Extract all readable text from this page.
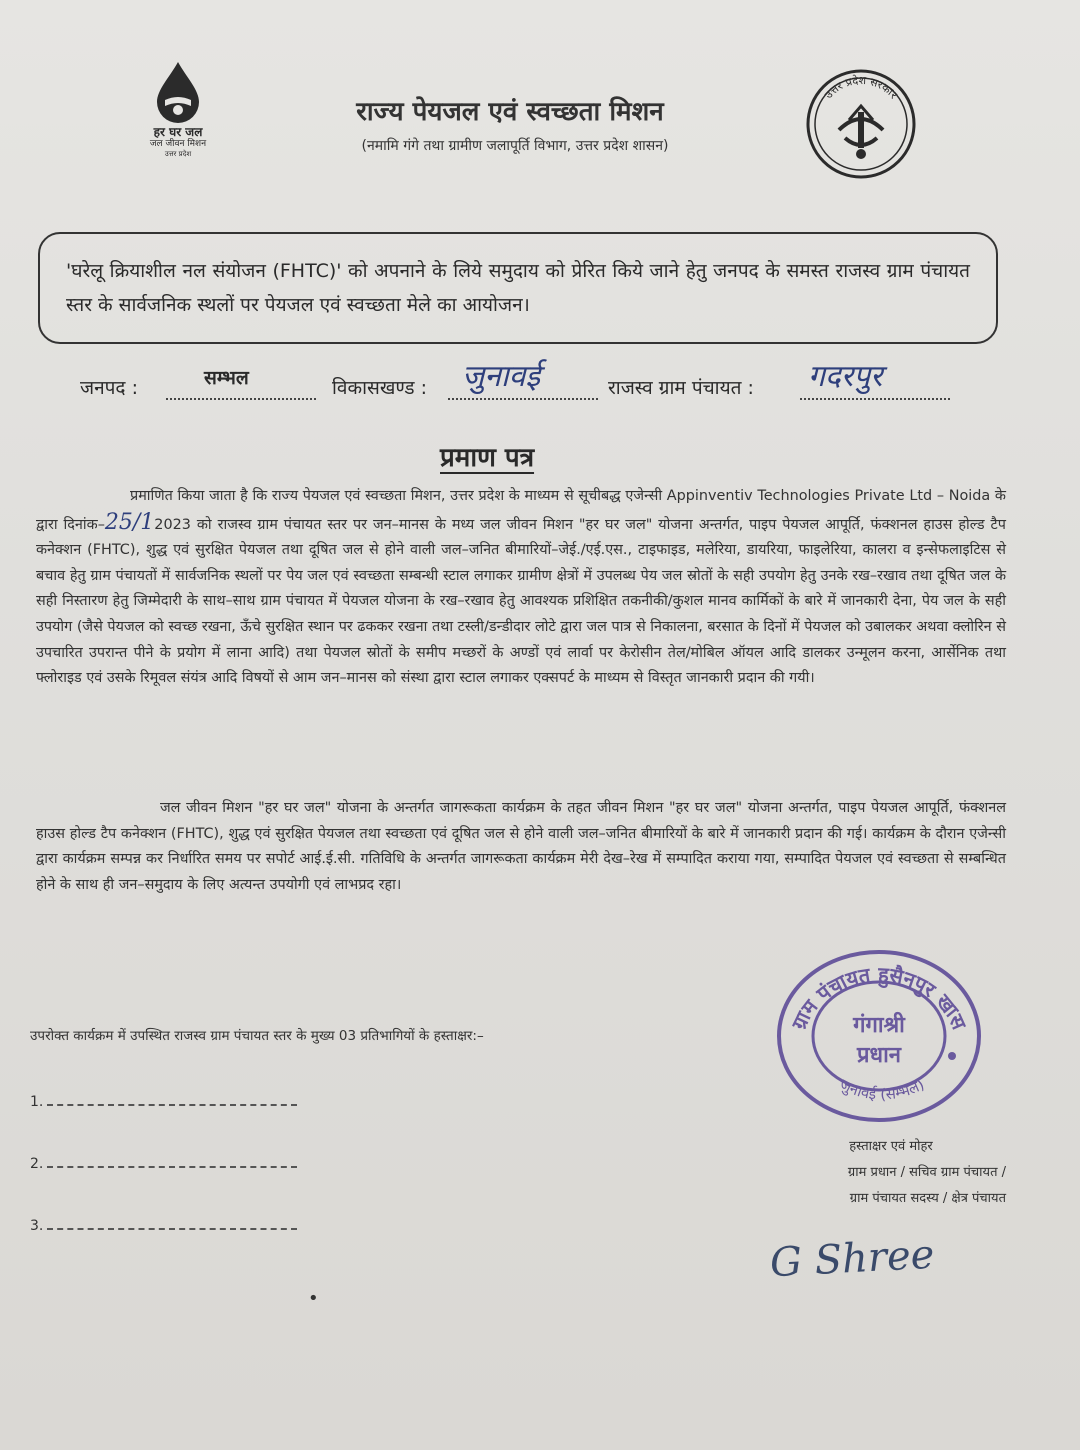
हर घर जल
जल जीवन मिशन
उत्तर प्रदेश
राज्य पेयजल एवं स्वच्छता मिशन
(नमामि गंगे तथा ग्रामीण जलापूर्ति विभाग, उत्तर प्रदेश शासन)
उत्तर प्रदेश सरकार
'घरेलू क्रियाशील नल संयोजन (FHTC)' को अपनाने के लिये समुदाय को प्रेरित किये जाने हेतु जनपद के समस्त राजस्व ग्राम पंचायत स्तर के सार्वजनिक स्थलों पर पेयजल एवं स्वच्छता मेले का आयोजन।
जनपद :	सम्भल	विकासखण्ड : जुनावई	राजस्व ग्राम पंचायत : गदरपुर
प्रमाण पत्र
प्रमाणित किया जाता है कि राज्य पेयजल एवं स्वच्छता मिशन, उत्तर प्रदेश के माध्यम से सूचीबद्ध एजेन्सी Appinventiv Technologies Private Ltd – Noida के द्वारा दिनांक–25/12023 को राजस्व ग्राम पंचायत स्तर पर जन–मानस के मध्य जल जीवन मिशन "हर घर जल" योजना अन्तर्गत, पाइप पेयजल आपूर्ति, फंक्शनल हाउस होल्ड टैप कनेक्शन (FHTC), शुद्ध एवं सुरक्षित पेयजल तथा दूषित जल से होने वाली जल–जनित बीमारियों–जेई./एई.एस., टाइफाइड, मलेरिया, डायरिया, फाइलेरिया, कालरा व इन्सेफलाइटिस से बचाव हेतु ग्राम पंचायतों में सार्वजनिक स्थलों पर पेय जल एवं स्वच्छता सम्बन्धी स्टाल लगाकर ग्रामीण क्षेत्रों में उपलब्ध पेय जल स्रोतों के सही उपयोग हेतु उनके रख–रखाव तथा दूषित जल के सही निस्तारण हेतु जिम्मेदारी के साथ–साथ ग्राम पंचायत में पेयजल योजना के रख–रखाव हेतु आवश्यक प्रशिक्षित तकनीकी/कुशल मानव कार्मिकों के बारे में जानकारी देना, पेय जल के सही उपयोग (जैसे पेयजल को स्वच्छ रखना, ऊँचे सुरक्षित स्थान पर ढककर रखना तथा टस्ली/डन्डीदार लोटे द्वारा जल पात्र से निकालना, बरसात के दिनों में पेयजल को उबालकर अथवा क्लोरिन से उपचारित उपरान्त पीने के प्रयोग में लाना आदि) तथा पेयजल स्रोतों के समीप मच्छरों के अण्डों एवं लार्वा पर केरोसीन तेल/मोबिल ऑयल आदि डालकर उन्मूलन करना, आर्सेनिक तथा फ्लोराइड एवं उसके रिमूवल संयंत्र आदि विषयों से आम जन–मानस को संस्था द्वारा स्टाल लगाकर एक्सपर्ट के माध्यम से विस्तृत जानकारी प्रदान की गयी।
जल जीवन मिशन "हर घर जल" योजना के अन्तर्गत जागरूकता कार्यक्रम के तहत जीवन मिशन "हर घर जल" योजना अन्तर्गत, पाइप पेयजल आपूर्ति, फंक्शनल हाउस होल्ड टैप कनेक्शन (FHTC), शुद्ध एवं सुरक्षित पेयजल तथा स्वच्छता एवं दूषित जल से होने वाली जल–जनित बीमारियों के बारे में जानकारी प्रदान की गई। कार्यक्रम के दौरान एजेन्सी द्वारा कार्यक्रम सम्पन्न कर निर्धारित समय पर सपोर्ट आई.ई.सी. गतिविधि के अन्तर्गत जागरूकता कार्यक्रम मेरी देख–रेख में सम्पादित कराया गया, सम्पादित पेयजल एवं स्वच्छता से सम्बन्धित होने के साथ ही जन–समुदाय के लिए अत्यन्त उपयोगी एवं लाभप्रद रहा।
उपरोक्त कार्यक्रम में उपस्थित राजस्व ग्राम पंचायत स्तर के मुख्य 03 प्रतिभागियों के हस्ताक्षर:–
1.
2.
3.
ग्राम पंचायत हुसैनपुर खास
जुनावई (सम्भल)
गंगाश्री
प्रधान
हस्ताक्षर एवं मोहर
ग्राम प्रधान / सचिव ग्राम पंचायत /
ग्राम पंचायत सदस्य / क्षेत्र पंचायत
G Shree
•
